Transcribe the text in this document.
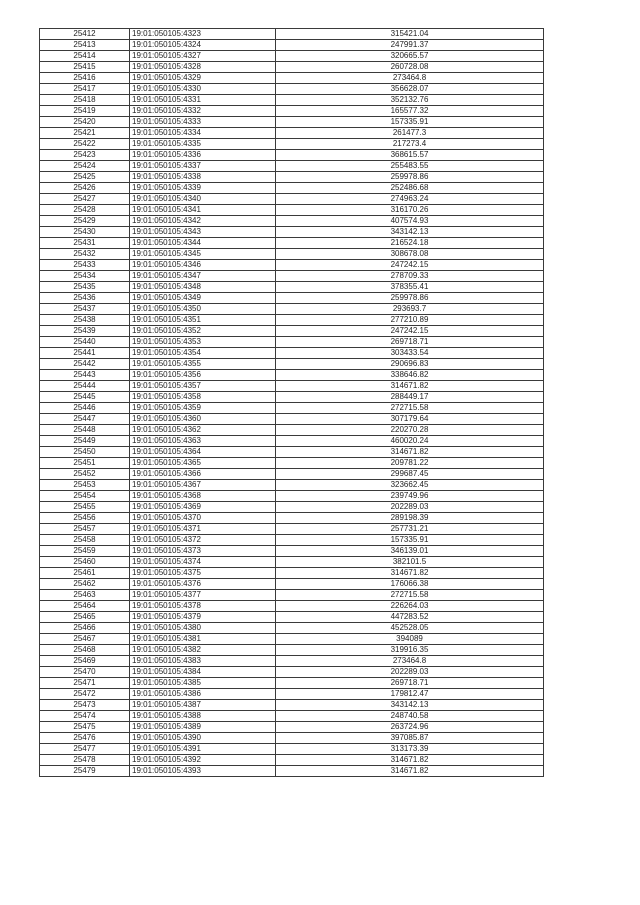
25412	19:01:050105:4323	315421.04
25413	19:01:050105:4324	247991.37
25414	19:01:050105:4327	320665.57
25415	19:01:050105:4328	260728.08
25416	19:01:050105:4329	273464.8
25417	19:01:050105:4330	356628.07
25418	19:01:050105:4331	352132.76
25419	19:01:050105:4332	165577.32
25420	19:01:050105:4333	157335.91
25421	19:01:050105:4334	261477.3
25422	19:01:050105:4335	217273.4
25423	19:01:050105:4336	368615.57
25424	19:01:050105:4337	255483.55
25425	19:01:050105:4338	259978.86
25426	19:01:050105:4339	252486.68
25427	19:01:050105:4340	274963.24
25428	19:01:050105:4341	316170.26
25429	19:01:050105:4342	407574.93
25430	19:01:050105:4343	343142.13
25431	19:01:050105:4344	216524.18
25432	19:01:050105:4345	308678.08
25433	19:01:050105:4346	247242.15
25434	19:01:050105:4347	278709.33
25435	19:01:050105:4348	378355.41
25436	19:01:050105:4349	259978.86
25437	19:01:050105:4350	293693.7
25438	19:01:050105:4351	277210.89
25439	19:01:050105:4352	247242.15
25440	19:01:050105:4353	269718.71
25441	19:01:050105:4354	303433.54
25442	19:01:050105:4355	290696.83
25443	19:01:050105:4356	338646.82
25444	19:01:050105:4357	314671.82
25445	19:01:050105:4358	288449.17
25446	19:01:050105:4359	272715.58
25447	19:01:050105:4360	307179.64
25448	19:01:050105:4362	220270.28
25449	19:01:050105:4363	460020.24
25450	19:01:050105:4364	314671.82
25451	19:01:050105:4365	209781.22
25452	19:01:050105:4366	299687.45
25453	19:01:050105:4367	323662.45
25454	19:01:050105:4368	239749.96
25455	19:01:050105:4369	202289.03
25456	19:01:050105:4370	289198.39
25457	19:01:050105:4371	257731.21
25458	19:01:050105:4372	157335.91
25459	19:01:050105:4373	346139.01
25460	19:01:050105:4374	382101.5
25461	19:01:050105:4375	314671.82
25462	19:01:050105:4376	176066.38
25463	19:01:050105:4377	272715.58
25464	19:01:050105:4378	226264.03
25465	19:01:050105:4379	447283.52
25466	19:01:050105:4380	452528.05
25467	19:01:050105:4381	394089
25468	19:01:050105:4382	319916.35
25469	19:01:050105:4383	273464.8
25470	19:01:050105:4384	202289.03
25471	19:01:050105:4385	269718.71
25472	19:01:050105:4386	179812.47
25473	19:01:050105:4387	343142.13
25474	19:01:050105:4388	248740.58
25475	19:01:050105:4389	263724.96
25476	19:01:050105:4390	397085.87
25477	19:01:050105:4391	313173.39
25478	19:01:050105:4392	314671.82
25479	19:01:050105:4393	314671.82
